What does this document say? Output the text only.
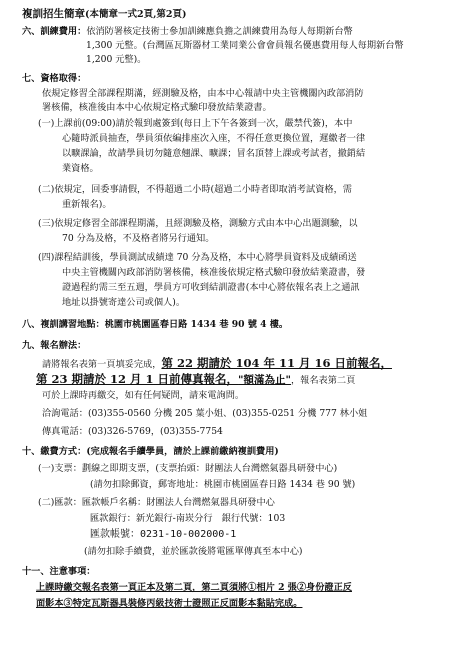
複訓招生簡章(本簡章一式2頁,第2頁)
六、訓練費用：依消防署核定技術士參加訓練應負擔之訓練費用為每人每期新台幣
1,300 元整。(台灣區瓦斯器材工業同業公會會員報名優惠費用每人每期新台幣
1,200 元整)。
七、資格取得：
依規定修習全部課程期滿，經測驗及格，由本中心報請中央主管機關內政部消防
署核備，核准後由本中心依規定格式驗印發放結業證書。
(一)上課前(09:00)請於報到處簽到(每日上下午各簽到一次，嚴禁代簽)，本中
心隨時派員抽查，學員須依編排座次入座，不得任意更換位置，遲繳者一律
以曠課論，故請學員切勿隨意翹課、曠課；冒名頂替上課或考試者，撤銷結
業資格。
(二)依規定，回委事請假，不得超過二小時(超過二小時者即取消考試資格，需
重新報名)。
(三)依規定修習全部課程期滿，且經測驗及格，測驗方式由本中心出題測驗，以
70 分為及格，不及格者將另行通知。
(四)課程結訓後，學員測試成績達 70 分為及格，本中心將學員資料及成績函送
中央主管機關內政部消防署核備，核准後依規定格式驗印發放結業證書，發
證過程約需三至五週，學員方可收到結訓證書(本中心將依報名表上之通訊
地址以掛號寄達公司或個人)。
八、複訓講習地點：桃園市桃園區春日路 1434 巷 90 號 4 樓。
九、報名辦法：
請將報名表第一頁填妥完成，第 22 期請於 104 年 11 月 16 日前報名，
第 23 期請於 12 月 1 日前傳真報名，"額滿為止"，報名表第二頁
可於上課時再繳交，如有任何疑問，請來電詢問。
洽詢電話：(03)355-0560 分機 205 葉小姐、(03)355-0251 分機 777 林小姐
傳真電話：(03)326-5769，(03)355-7754
十、繳費方式：(完成報名手續學員，請於上課前繳納複訓費用)
(一)支票：劃線之即期支票，(支票抬頭：財團法人台灣燃氣器具研發中心)
(請勿扣除郵資，郵寄地址：桃園市桃園區春日路 1434 巷 90 號)
(二)匯款：匯款帳戶名稱：財團法人台灣燃氣器具研發中心
匯款銀行：新光銀行-南崁分行　銀行代號：103
匯款帳號：0231-10-002000-1
(請勿扣除手續費，並於匯款後將電匯單傳真至本中心)
十一、注意事項：
上課時繳交報名表第一頁正本及第二頁，第二頁須將①相片 2 張②身份證正反
面影本③特定瓦斯器具裝修丙級技術士證照正反面影本黏貼完成。
